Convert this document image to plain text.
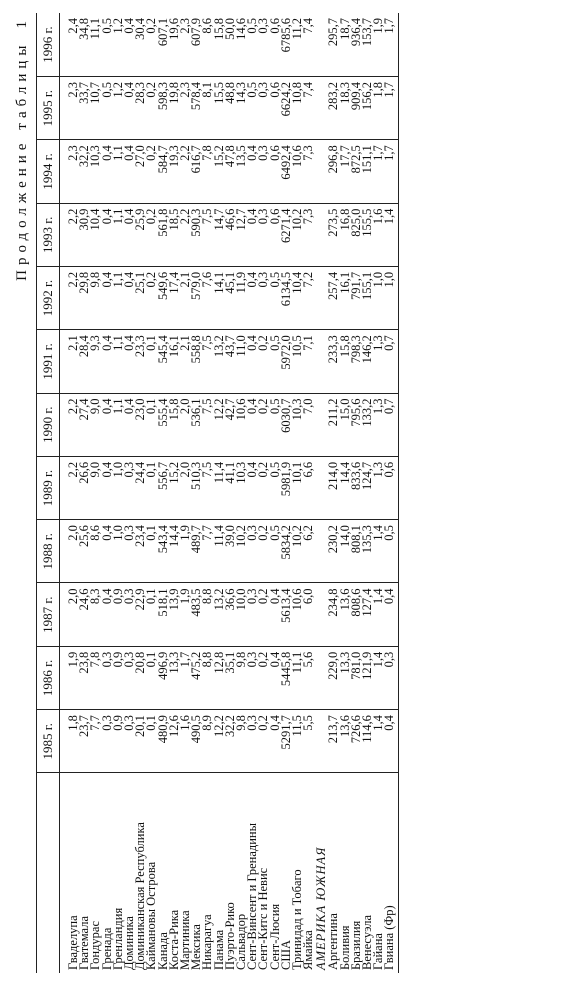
Продолжение таблицы1
	1985 г.	1986 г.	1987 г.	1988 г.	1989 г.	1990 г.	1991 г.	1992 г.	1993 г.	1994 г.	1995 г.	1996 г.
Гваделупа	1,8	1,9	2,0	2,0	2,2	2,2	2,1	2,2	2,2	2,3	2,3	2,4
Гватемала	23,7	23,8	24,6	25,6	26,6	27,4	28,4	29,8	30,9	32,2	33,7	34,8
Гондурас	7,7	7,8	8,3	8,6	9,0	9,0	9,3	9,8	10,4	10,3	10,7	11,1
Гренада	0,3	0,3	0,4	0,4	0,4	0,4	0,4	0,4	0,4	0,4	0,5	0,5
Гренландия	0,9	0,9	0,9	1,0	1,0	1,1	1,1	1,1	1,1	1,1	1,2	1,2
Доминика	0,3	0,3	0,3	0,3	0,3	0,4	0,4	0,4	0,4	0,4	0,4	0,4
Доминиканская Республика	20,1	20,8	22,9	23,4	24,4	23,0	23,3	25,1	25,9	27,0	28,3	30,4
Каймановы Острова	0,1	0,1	0,1	0,1	0,1	0,1	0,1	0,2	0,2	0,2	0,2	0,2
Канада	480,9	496,9	518,1	543,4	556,7	555,4	545,4	549,6	561,8	584,7	598,3	607,1
Коста-Рика	12,6	13,3	13,9	14,4	15,2	15,8	16,1	17,4	18,5	19,3	19,8	19,6
Мартиника	1,6	1,7	1,9	1,9	2,0	2,0	2,1	2,1	2,2	2,2	2,3	2,3
Мексика	490,5	475,2	483,5	489,7	510,3	536,1	558,8	579,0	590,3	616,7	578,4	607,9
Никарагуа	8,9	8,8	8,8	7,7	7,5	7,5	7,5	7,6	7,5	7,8	8,1	8,6
Панама	12,2	12,8	13,2	11,4	11,4	12,2	13,2	14,1	14,7	15,2	15,5	15,8
Пуэрто-Рико	32,2	35,1	36,6	39,0	41,1	42,7	43,7	45,1	46,6	47,8	48,8	50,0
Сальвадор	9,8	9,8	10,0	10,2	10,3	10,6	11,0	11,9	12,7	13,5	14,3	14,6
Сент-Винсент и Гренадины	0,3	0,3	0,3	0,3	0,4	0,4	0,4	0,4	0,4	0,4	0,5	0,5
Сент-Китс и Невис	0,2	0,2	0,2	0,2	0,2	0,2	0,2	0,3	0,3	0,3	0,3	0,3
Сент-Люсия	0,4	0,4	0,4	0,5	0,5	0,5	0,5	0,5	0,6	0,6	0,6	0,6
США	5291,7	5445,8	5613,4	5834,2	5981,9	6030,7	5972,0	6134,5	6271,4	6492,4	6624,2	6785,6
Тринидад и Тобаго	11,5	11,1	10,6	10,2	10,1	10,3	10,5	10,4	10,2	10,6	10,8	11,2
Ямайка	5,5	5,6	6,0	6,2	6,6	7,0	7,1	7,2	7,3	7,3	7,4	7,4
АМЕРИКА ЮЖНАЯ												
Аргентина	213,7	229,0	234,8	230,2	214,0	211,2	233,3	257,4	273,5	296,8	283,2	295,7
Боливия	13,6	13,3	13,6	14,0	14,4	15,0	15,8	16,1	16,8	17,7	18,3	18,7
Бразилия	726,6	781,0	808,6	808,1	833,6	795,6	798,3	791,7	825,0	872,5	909,4	936,4
Венесуэла	114,6	121,9	127,4	135,3	124,7	133,2	146,2	155,1	155,5	151,1	156,2	153,7
Гайана	1,4	1,4	1,4	1,4	1,3	1,3	1,3	1,0	1,6	1,7	1,8	1,9
Гвиана (Фр)	0,4	0,3	0,4	0,5	0,6	0,7	0,7	1,0	1,4	1,7	1,7	1,7
